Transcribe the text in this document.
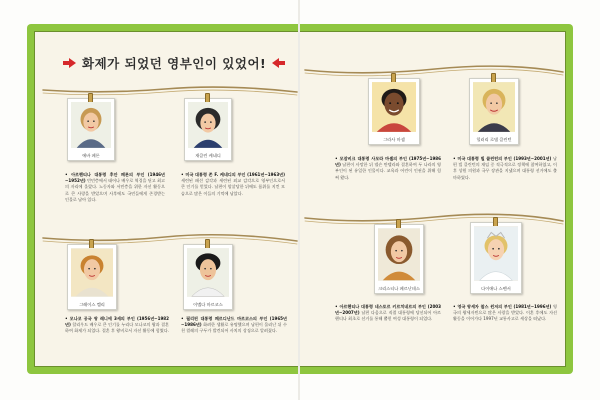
화제가 되었던 영부인이 있었어!
에바 페론	재클린 케네디
• 아르헨티나 대통령 후안 페론의 부인 (1946년~1952년) 빈민층에서 태어나 배우로 역경을 딛고 최고의 자리에 올랐다. 노동자와 서민층을 위한 자선 활동으로 큰 사랑을 받았으며 사후에도 국민들에게 존경받는 인물로 남아 있다.
• 미국 대통령 존 F. 케네디의 부인 (1961년~1963년) 세련된 패션 감각과 세련된 외교 감각으로 영부인으로서 큰 인기를 얻었다. 남편이 암살당한 뒤에도 품위를 지킨 모습으로 많은 이들의 기억에 남았다.
그라사 마셸	힐러리 로댐 클린턴
• 모잠비크 대통령 사모라 마셸의 부인 (1975년~1986년) 남편이 사망한 뒤 넬슨 만델라와 결혼하여 두 나라의 영부인이 된 유일한 인물이다. 교육과 어린이 인권을 위해 힘써 왔다.
• 미국 대통령 빌 클린턴의 부인 (1993년~2001년) 남편 빌 클린턴의 재임 중 적극적으로 정책에 참여하였고, 이후 상원 의원과 국무 장관을 지냈으며 대통령 선거에도 출마하였다.
그레이스 켈리	이멜다 마르코스
• 모나코 공국 왕 레니에 3세의 부인 (1956년~1982년) 할리우드 배우로 큰 인기를 누리다 모나코의 왕과 결혼하여 화제가 되었다. 결혼 후 왕비로서 자선 활동에 힘썼다.
• 필리핀 대통령 페르디난드 마르코스의 부인 (1965년~1986년) 화려한 생활로 유명했으며 남편이 물러난 뒤 수천 켤레의 구두가 발견되어 사치의 상징으로 알려졌다.
크리스티나 페르난데스	다이애나 스펜서
• 아르헨티나 대통령 네스토르 키르치네르의 부인 (2003년~2007년) 남편 다음으로 직접 대통령에 당선되어 아르헨티나 최초로 선거를 통해 뽑힌 여성 대통령이 되었다.
• 영국 왕세자 찰스 윈저의 부인 (1981년~1996년) 영국의 왕세자빈으로 많은 사랑을 받았다. 이혼 후에도 자선 활동을 이어가다 1997년 교통사고로 세상을 떠났다.
